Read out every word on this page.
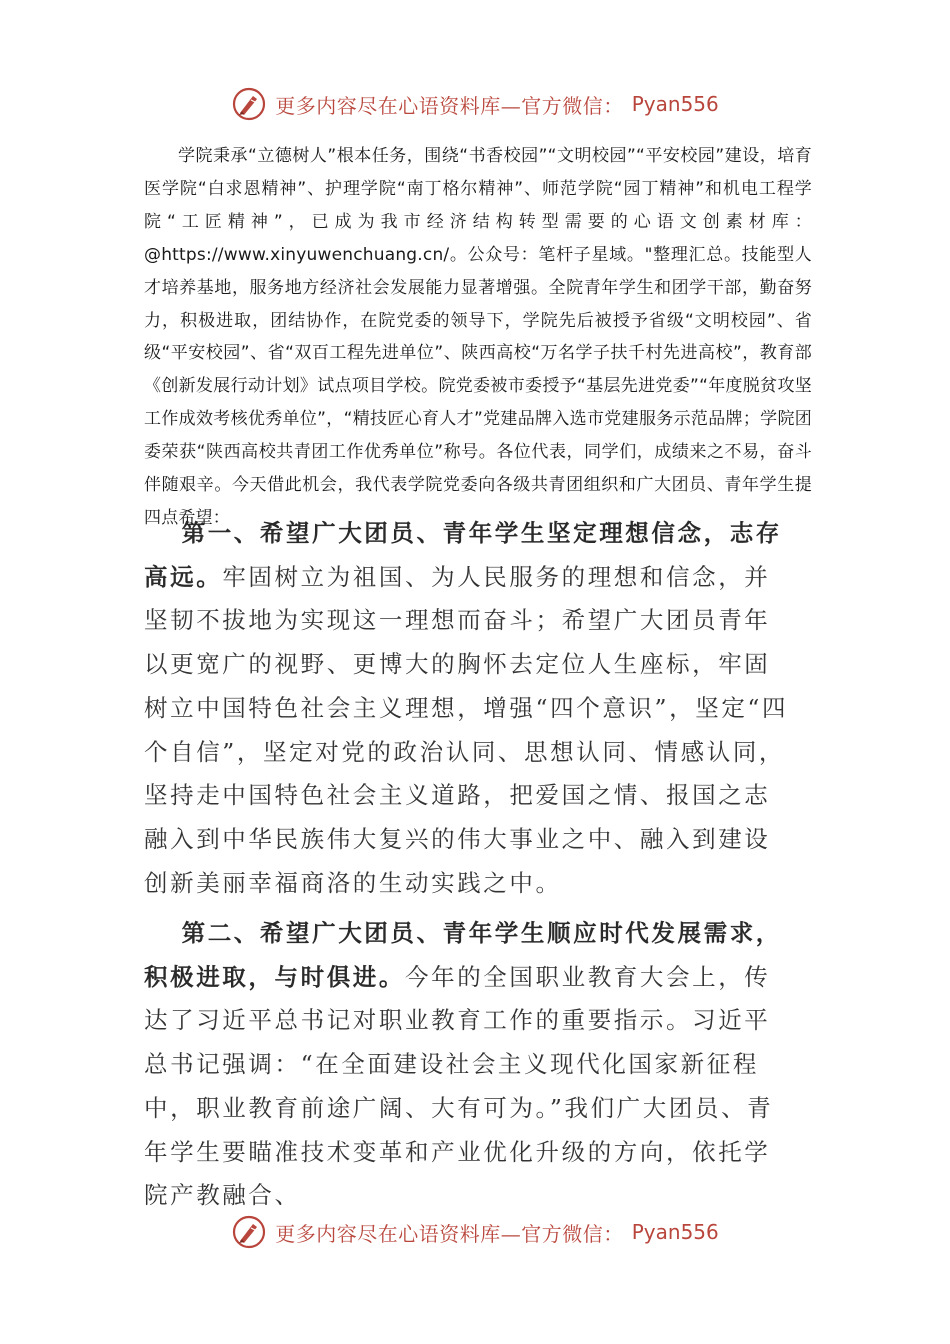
更多内容尽在心语资料库—官方微信： Pyan556
学院秉承“立德树人”根本任务，围绕“书香校园”“文明校园”“平安校园”建设，培育医学院“白求恩精神”、护理学院“南丁格尔精神”、师范学院“园丁精神”和机电工程学院“工匠精神”，已成为我市经济结构转型需要的心语文创素材库：@https://www.xinyuwenchuang.cn/。公众号：笔杆子星域。"整理汇总。技能型人才培养基地，服务地方经济社会发展能力显著增强。全院青年学生和团学干部，勤奋努力，积极进取，团结协作，在院党委的领导下，学院先后被授予省级“文明校园”、省级“平安校园”、省“双百工程先进单位”、陕西高校“万名学子扶千村先进高校”，教育部《创新发展行动计划》试点项目学校。院党委被市委授予“基层先进党委”“年度脱贫攻坚工作成效考核优秀单位”，“精技匠心育人才”党建品牌入选市党建服务示范品牌；学院团委荣获“陕西高校共青团工作优秀单位”称号。各位代表，同学们，成绩来之不易，奋斗伴随艰辛。今天借此机会，我代表学院党委向各级共青团组织和广大团员、青年学生提四点希望：
第一、希望广大团员、青年学生坚定理想信念，志存高远。牢固树立为祖国、为人民服务的理想和信念，并坚韧不拔地为实现这一理想而奋斗；希望广大团员青年以更宽广的视野、更博大的胸怀去定位人生座标，牢固树立中国特色社会主义理想，增强“四个意识”，坚定“四个自信”，坚定对党的政治认同、思想认同、情感认同，坚持走中国特色社会主义道路，把爱国之情、报国之志融入到中华民族伟大复兴的伟大事业之中、融入到建设创新美丽幸福商洛的生动实践之中。
第二、希望广大团员、青年学生顺应时代发展需求，积极进取，与时俱进。今年的全国职业教育大会上，传达了习近平总书记对职业教育工作的重要指示。习近平总书记强调：“在全面建设社会主义现代化国家新征程中，职业教育前途广阔、大有可为。”我们广大团员、青年学生要瞄准技术变革和产业优化升级的方向，依托学院产教融合、
更多内容尽在心语资料库—官方微信： Pyan556
